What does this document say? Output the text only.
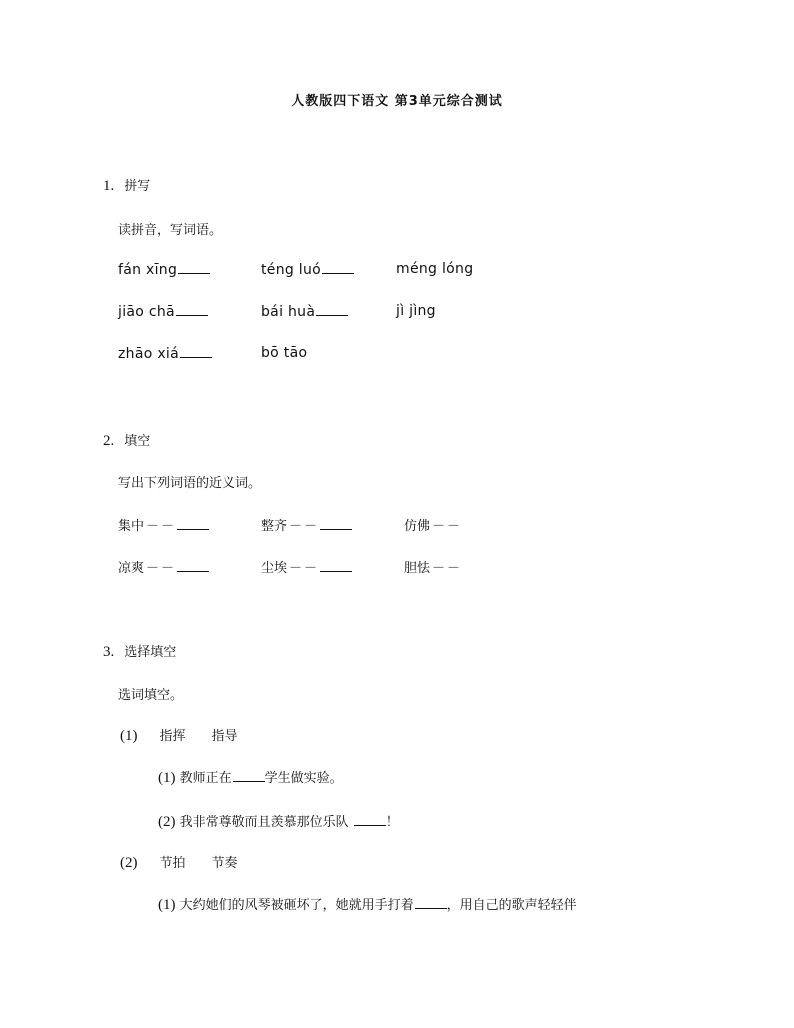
人教版四下语文 第3单元综合测试
1. 拼写
读拼音，写词语。
fán xīng	téng luó	méng lóng
jiāo chā	bái huà	jì jìng
zhāo xiá	bō tāo
2. 填空
写出下列词语的近义词。
集中 －－	整齐 －－	仿佛 －－
凉爽 －－	尘埃 －－	胆怯 －－
3. 选择填空
选词填空。
(1) 指挥 指导
(1) 教师正在	学生做实验。
(2) 我非常尊敬而且羡慕那位乐队	！
(2) 节拍 节奏
(1) 大约她们的风琴被砸坏了，她就用手打着	，用自己的歌声轻轻伴
